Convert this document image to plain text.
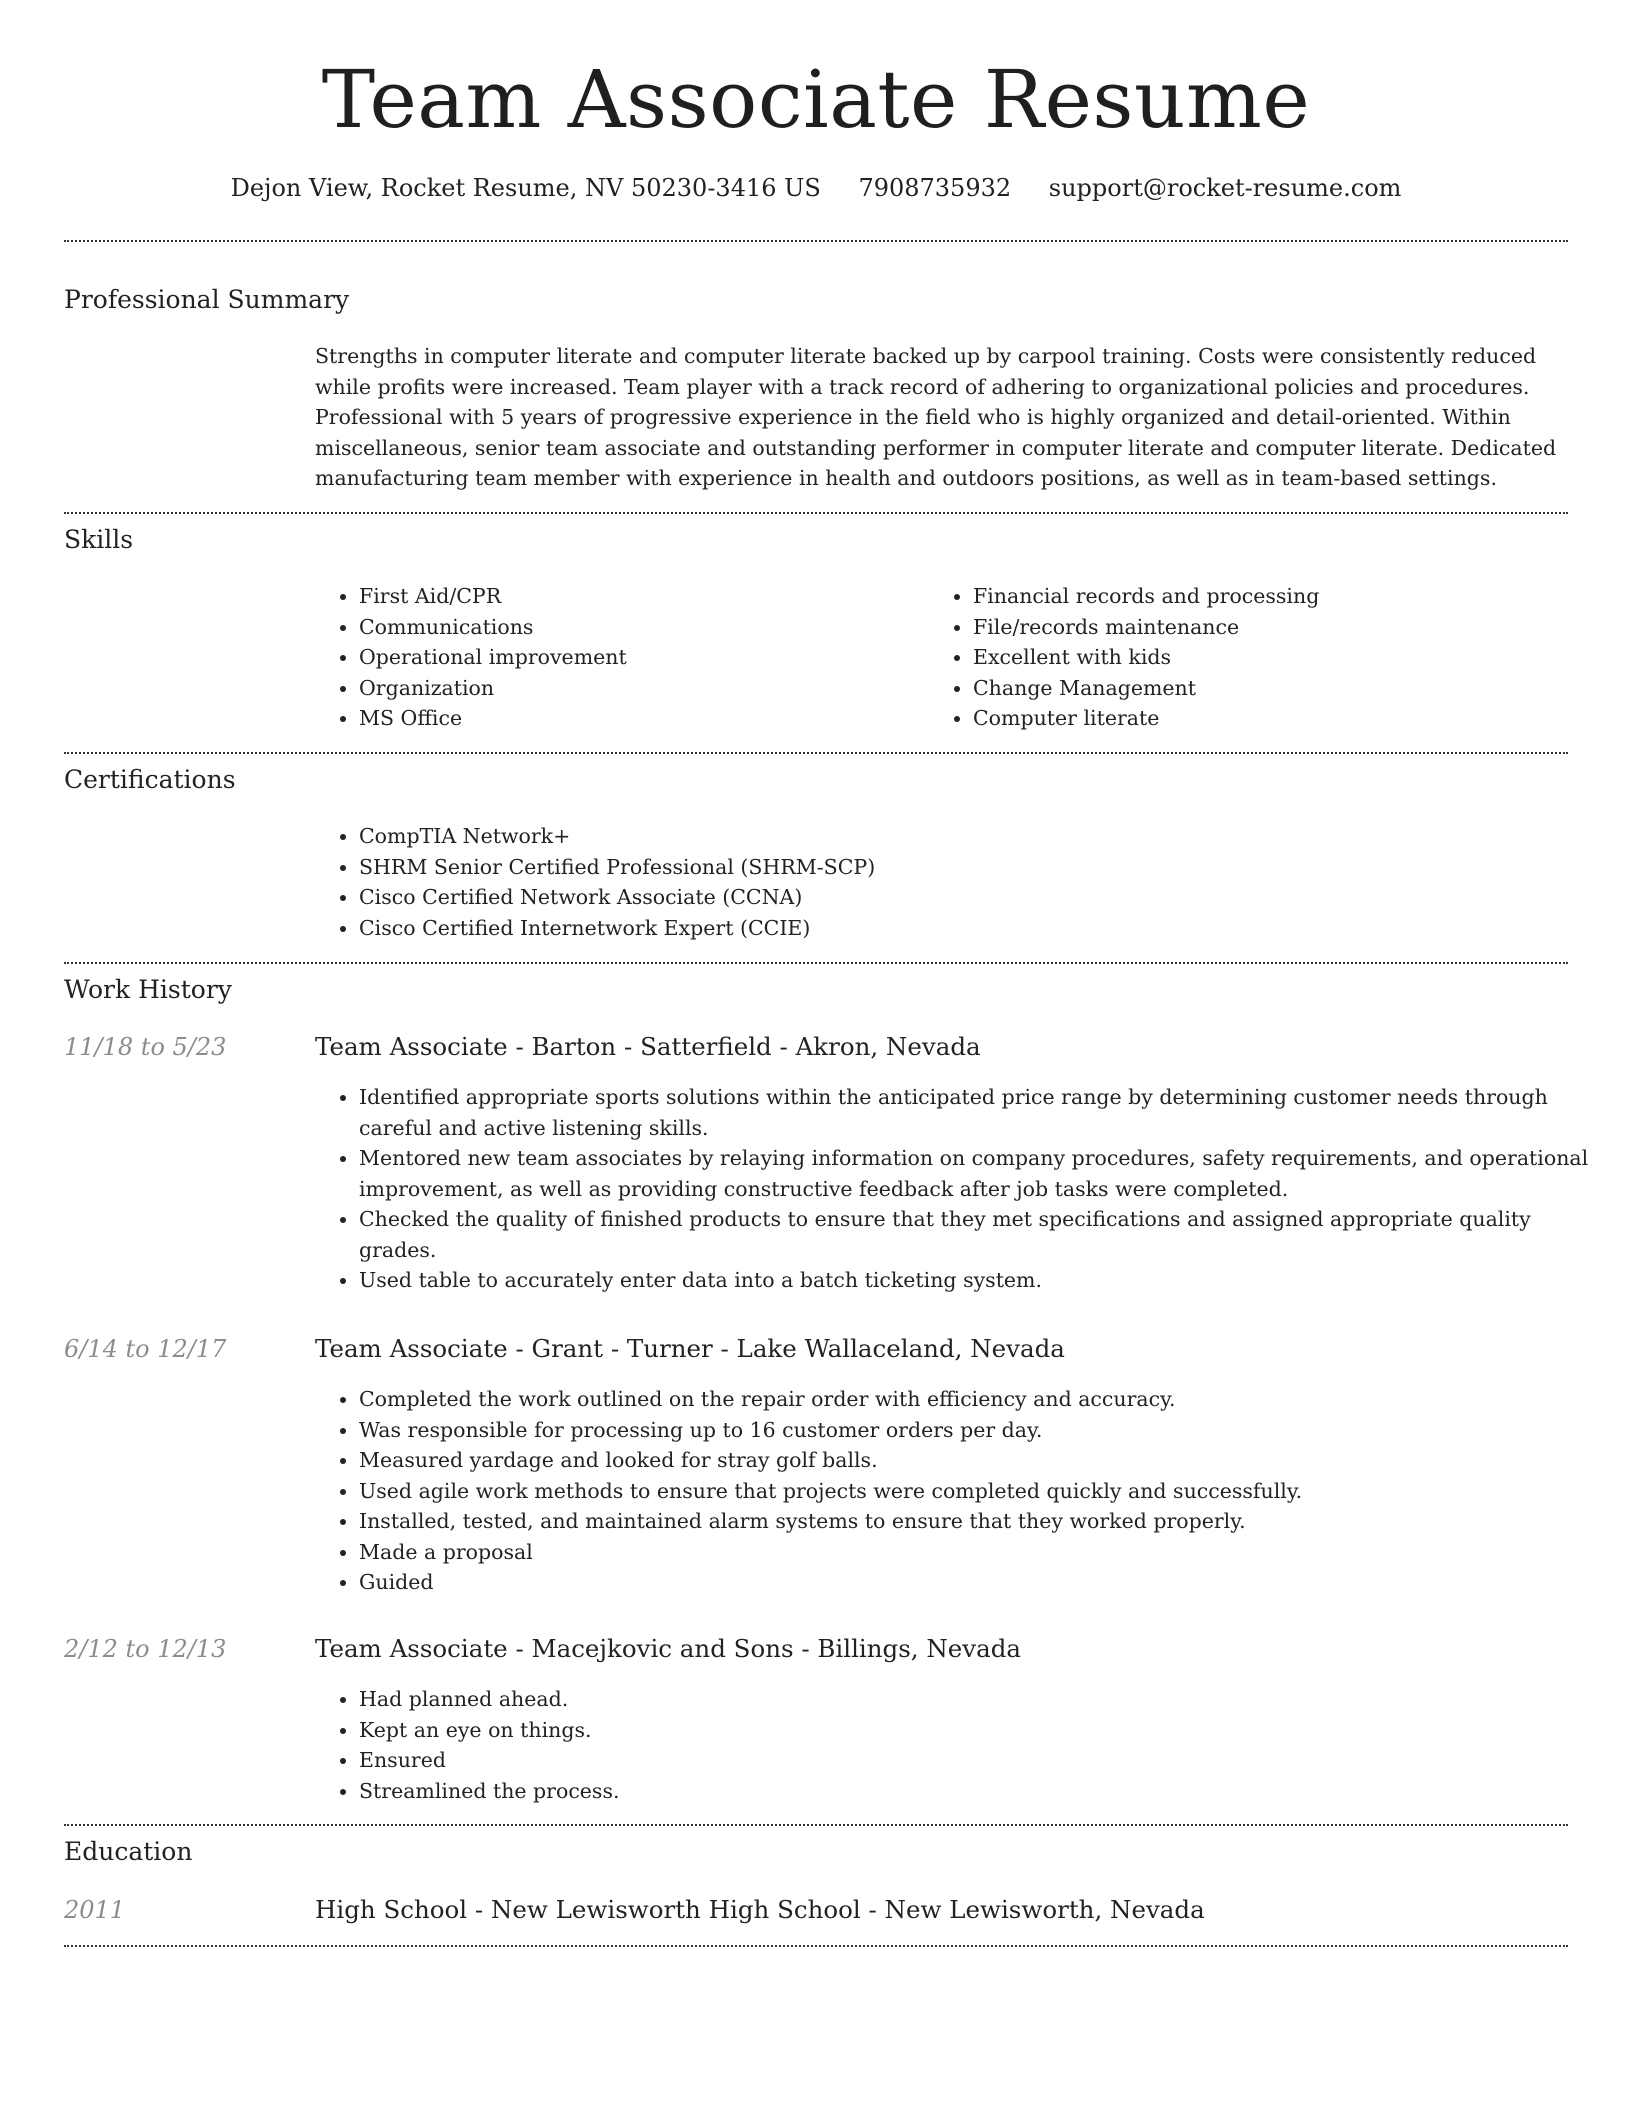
Team Associate Resume
Dejon View, Rocket Resume, NV 50230-3416 US 7908735932 support@rocket-resume.com
Professional Summary
Strengths in computer literate and computer literate backed up by carpool training. Costs were consistently reduced while profits were increased. Team player with a track record of adhering to organizational policies and procedures. Professional with 5 years of progressive experience in the field who is highly organized and detail-oriented. Within miscellaneous, senior team associate and outstanding performer in computer literate and computer literate. Dedicated manufacturing team member with experience in health and outdoors positions, as well as in team-based settings.
Skills
• First Aid/CPR
• Communications
• Operational improvement
• Organization
• MS Office
• Financial records and processing
• File/records maintenance
• Excellent with kids
• Change Management
• Computer literate
Certifications
• CompTIA Network+
• SHRM Senior Certified Professional (SHRM-SCP)
• Cisco Certified Network Associate (CCNA)
• Cisco Certified Internetwork Expert (CCIE)
Work History
11/18 to 5/23	Team Associate - Barton - Satterfield - Akron, Nevada
• Identified appropriate sports solutions within the anticipated price range by determining customer needs through careful and active listening skills.
• Mentored new team associates by relaying information on company procedures, safety requirements, and operational improvement, as well as providing constructive feedback after job tasks were completed.
• Checked the quality of finished products to ensure that they met specifications and assigned appropriate quality grades.
• Used table to accurately enter data into a batch ticketing system.
6/14 to 12/17	Team Associate - Grant - Turner - Lake Wallaceland, Nevada
• Completed the work outlined on the repair order with efficiency and accuracy.
• Was responsible for processing up to 16 customer orders per day.
• Measured yardage and looked for stray golf balls.
• Used agile work methods to ensure that projects were completed quickly and successfully.
• Installed, tested, and maintained alarm systems to ensure that they worked properly.
• Made a proposal
• Guided
2/12 to 12/13	Team Associate - Macejkovic and Sons - Billings, Nevada
• Had planned ahead.
• Kept an eye on things.
• Ensured
• Streamlined the process.
Education
2011	High School - New Lewisworth High School - New Lewisworth, Nevada
